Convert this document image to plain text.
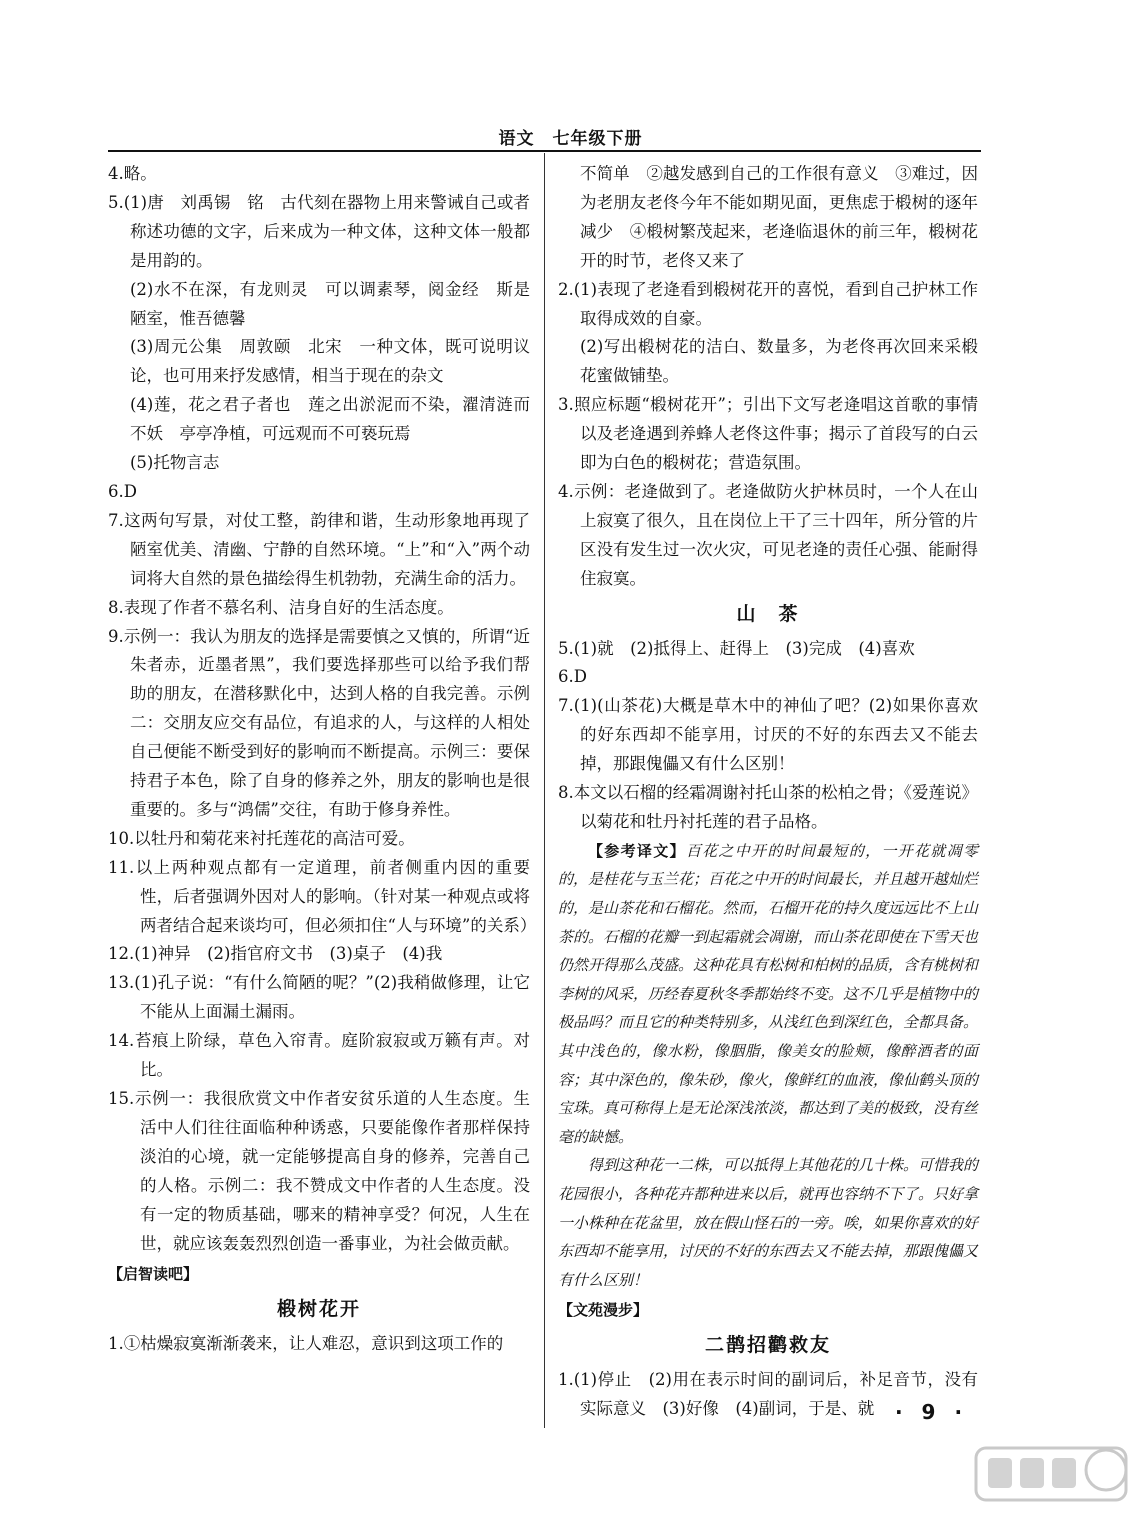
语文　七年级下册

4.略。

5.(1)唐　刘禹锡　铭　古代刻在器物上用来警诫自己或者称述功德的文字，后来成为一种文体，这种文体一般都是用韵的。

(2)水不在深，有龙则灵　可以调素琴，阅金经　斯是陋室，惟吾德馨

(3)周元公集　周敦颐　北宋　一种文体，既可说明议论，也可用来抒发感情，相当于现在的杂文

(4)莲，花之君子者也　莲之出淤泥而不染，濯清涟而不妖　亭亭净植，可远观而不可亵玩焉

(5)托物言志

6.D

7.这两句写景，对仗工整，韵律和谐，生动形象地再现了陋室优美、清幽、宁静的自然环境。“上”和“入”两个动词将大自然的景色描绘得生机勃勃，充满生命的活力。

8.表现了作者不慕名利、洁身自好的生活态度。

9.示例一：我认为朋友的选择是需要慎之又慎的，所谓“近朱者赤，近墨者黑”，我们要选择那些可以给予我们帮助的朋友，在潜移默化中，达到人格的自我完善。示例二：交朋友应交有品位，有追求的人，与这样的人相处自己便能不断受到好的影响而不断提高。示例三：要保持君子本色，除了自身的修养之外，朋友的影响也是很重要的。多与“鸿儒”交往，有助于修身养性。

10.以牡丹和菊花来衬托莲花的高洁可爱。

11.以上两种观点都有一定道理，前者侧重内因的重要性，后者强调外因对人的影响。（针对某一种观点或将两者结合起来谈均可，但必须扣住“人与环境”的关系）

12.(1)神异　(2)指官府文书　(3)桌子　(4)我

13.(1)孔子说：“有什么简陋的呢？”(2)我稍做修理，让它不能从上面漏土漏雨。

14.苔痕上阶绿，草色入帘青。庭阶寂寂或万籁有声。对比。

15.示例一：我很欣赏文中作者安贫乐道的人生态度。生活中人们往往面临种种诱惑，只要能像作者那样保持淡泊的心境，就一定能够提高自身的修养，完善自己的人格。示例二：我不赞成文中作者的人生态度。没有一定的物质基础，哪来的精神享受？何况，人生在世，就应该轰轰烈烈创造一番事业，为社会做贡献。

【启智读吧】
椴树花开

1.①枯燥寂寞渐渐袭来，让人难忍，意识到这项工作的

不简单　②越发感到自己的工作很有意义　③难过，因为老朋友老佟今年不能如期见面，更焦虑于椴树的逐年减少　④椴树繁茂起来，老逄临退休的前三年，椴树花开的时节，老佟又来了

2.(1)表现了老逄看到椴树花开的喜悦，看到自己护林工作取得成效的自豪。

(2)写出椴树花的洁白、数量多，为老佟再次回来采椴花蜜做铺垫。

3.照应标题“椴树花开”；引出下文写老逄唱这首歌的事情以及老逄遇到养蜂人老佟这件事；揭示了首段写的白云即为白色的椴树花；营造氛围。

4.示例：老逄做到了。老逄做防火护林员时，一个人在山上寂寞了很久，且在岗位上干了三十四年，所分管的片区没有发生过一次火灾，可见老逄的责任心强、能耐得住寂寞。

山　茶

5.(1)就　(2)抵得上、赶得上　(3)完成　(4)喜欢

6.D

7.(1)(山茶花)大概是草木中的神仙了吧？(2)如果你喜欢的好东西却不能享用，讨厌的不好的东西去又不能去掉，那跟傀儡又有什么区别！

8.本文以石榴的经霜凋谢衬托山茶的松柏之骨；《爱莲说》以菊花和牡丹衬托莲的君子品格。

【参考译文】百花之中开的时间最短的，一开花就凋零的，是桂花与玉兰花；百花之中开的时间最长，并且越开越灿烂的，是山茶花和石榴花。然而，石榴开花的持久度远远比不上山茶的。石榴的花瓣一到起霜就会凋谢，而山茶花即使在下雪天也仍然开得那么茂盛。这种花具有松树和柏树的品质，含有桃树和李树的风采，历经春夏秋冬季都始终不变。这不几乎是植物中的极品吗？而且它的种类特别多，从浅红色到深红色，全都具备。其中浅色的，像水粉，像胭脂，像美女的脸颊，像醉酒者的面容；其中深色的，像朱砂，像火，像鲜红的血液，像仙鹤头顶的宝珠。真可称得上是无论深浅浓淡，都达到了美的极致，没有丝毫的缺憾。

得到这种花一二株，可以抵得上其他花的几十株。可惜我的花园很小，各种花卉都种进来以后，就再也容纳不下了。只好拿一小株种在花盆里，放在假山怪石的一旁。唉，如果你喜欢的好东西却不能享用，讨厌的不好的东西去又不能去掉，那跟傀儡又有什么区别！

【文苑漫步】
二鹊招鹳救友

1.(1)停止　(2)用在表示时间的副词后，补足音节，没有实际意义　(3)好像　(4)副词，于是、就	· 9 ·
